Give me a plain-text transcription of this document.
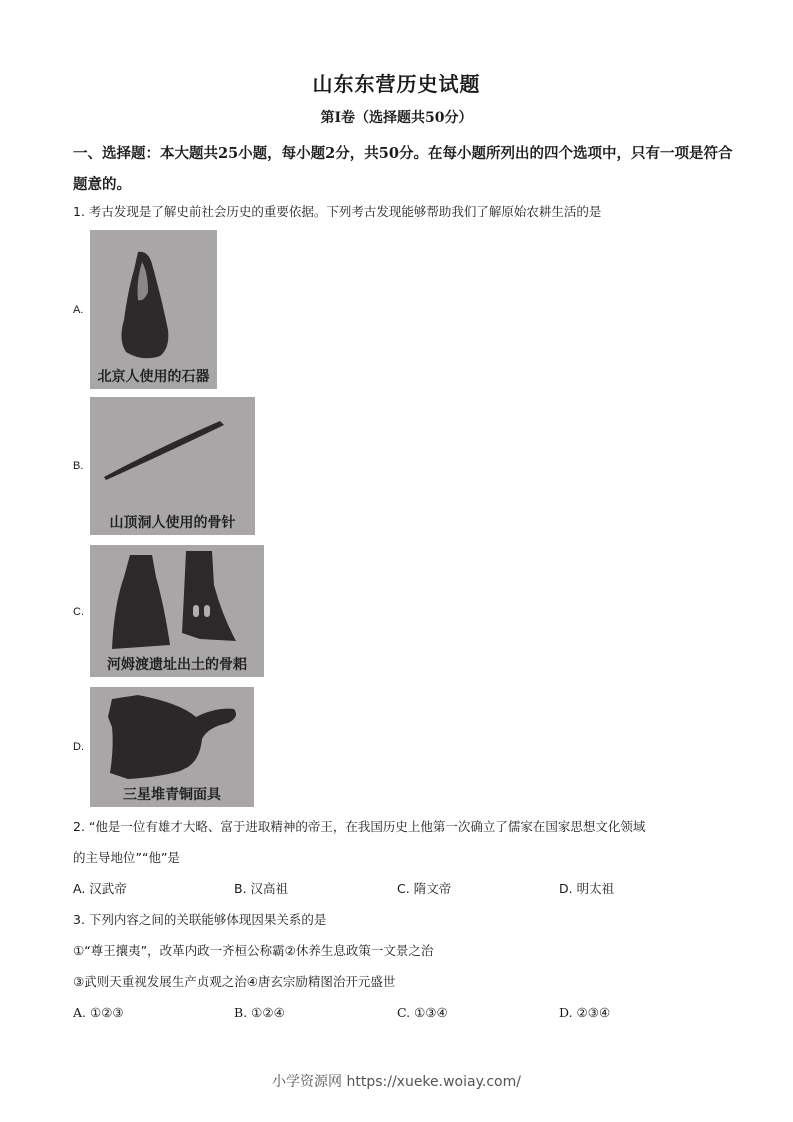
山东东营历史试题
第Ⅰ卷（选择题共50分）
一、选择题：本大题共25小题，每小题2分，共50分。在每小题所列出的四个选项中，只有一项是符合题意的。
1. 考古发现是了解史前社会历史的重要依据。下列考古发现能够帮助我们了解原始农耕生活的是
A.
北京人使用的石器
B.
山顶洞人使用的骨针
C.
河姆渡遗址出土的骨耜
D.
三星堆青铜面具
2. “他是一位有雄才大略、富于进取精神的帝王，在我国历史上他第一次确立了儒家在国家思想文化领域
的主导地位”“他”是
A. 汉武帝	B. 汉高祖	C. 隋文帝	D. 明太祖
3. 下列内容之间的关联能够体现因果关系的是
①“尊王攘夷”，改革内政一齐桓公称霸②休养生息政策一文景之治
③武则天重视发展生产贞观之治④唐玄宗励精图治开元盛世
A. ①②③	B. ①②④	C. ①③④	D. ②③④
小学资源网 https://xueke.woiay.com/
